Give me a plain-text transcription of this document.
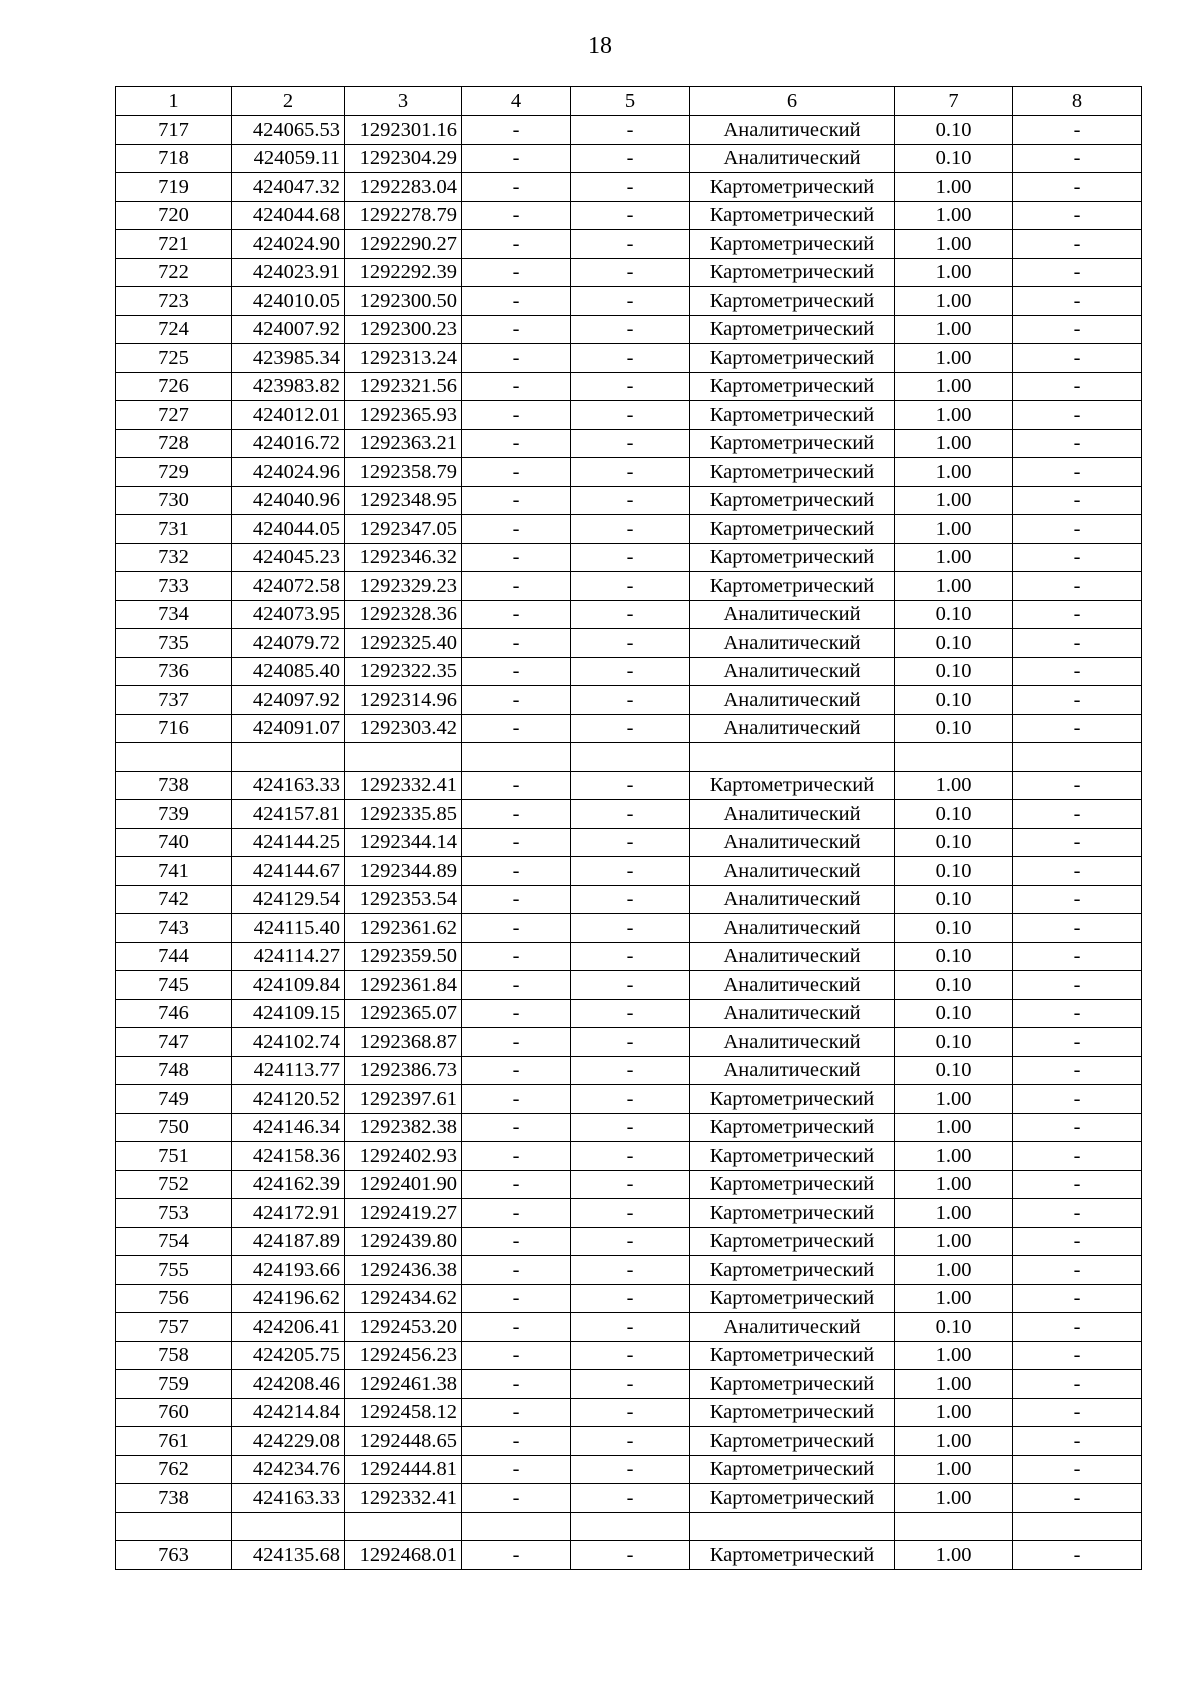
18
1	2	3	4	5	6	7	8
717	424065.53	1292301.16	-	-	Аналитический	0.10	-
718	424059.11	1292304.29	-	-	Аналитический	0.10	-
719	424047.32	1292283.04	-	-	Картометрический	1.00	-
720	424044.68	1292278.79	-	-	Картометрический	1.00	-
721	424024.90	1292290.27	-	-	Картометрический	1.00	-
722	424023.91	1292292.39	-	-	Картометрический	1.00	-
723	424010.05	1292300.50	-	-	Картометрический	1.00	-
724	424007.92	1292300.23	-	-	Картометрический	1.00	-
725	423985.34	1292313.24	-	-	Картометрический	1.00	-
726	423983.82	1292321.56	-	-	Картометрический	1.00	-
727	424012.01	1292365.93	-	-	Картометрический	1.00	-
728	424016.72	1292363.21	-	-	Картометрический	1.00	-
729	424024.96	1292358.79	-	-	Картометрический	1.00	-
730	424040.96	1292348.95	-	-	Картометрический	1.00	-
731	424044.05	1292347.05	-	-	Картометрический	1.00	-
732	424045.23	1292346.32	-	-	Картометрический	1.00	-
733	424072.58	1292329.23	-	-	Картометрический	1.00	-
734	424073.95	1292328.36	-	-	Аналитический	0.10	-
735	424079.72	1292325.40	-	-	Аналитический	0.10	-
736	424085.40	1292322.35	-	-	Аналитический	0.10	-
737	424097.92	1292314.96	-	-	Аналитический	0.10	-
716	424091.07	1292303.42	-	-	Аналитический	0.10	-

738	424163.33	1292332.41	-	-	Картометрический	1.00	-
739	424157.81	1292335.85	-	-	Аналитический	0.10	-
740	424144.25	1292344.14	-	-	Аналитический	0.10	-
741	424144.67	1292344.89	-	-	Аналитический	0.10	-
742	424129.54	1292353.54	-	-	Аналитический	0.10	-
743	424115.40	1292361.62	-	-	Аналитический	0.10	-
744	424114.27	1292359.50	-	-	Аналитический	0.10	-
745	424109.84	1292361.84	-	-	Аналитический	0.10	-
746	424109.15	1292365.07	-	-	Аналитический	0.10	-
747	424102.74	1292368.87	-	-	Аналитический	0.10	-
748	424113.77	1292386.73	-	-	Аналитический	0.10	-
749	424120.52	1292397.61	-	-	Картометрический	1.00	-
750	424146.34	1292382.38	-	-	Картометрический	1.00	-
751	424158.36	1292402.93	-	-	Картометрический	1.00	-
752	424162.39	1292401.90	-	-	Картометрический	1.00	-
753	424172.91	1292419.27	-	-	Картометрический	1.00	-
754	424187.89	1292439.80	-	-	Картометрический	1.00	-
755	424193.66	1292436.38	-	-	Картометрический	1.00	-
756	424196.62	1292434.62	-	-	Картометрический	1.00	-
757	424206.41	1292453.20	-	-	Аналитический	0.10	-
758	424205.75	1292456.23	-	-	Картометрический	1.00	-
759	424208.46	1292461.38	-	-	Картометрический	1.00	-
760	424214.84	1292458.12	-	-	Картометрический	1.00	-
761	424229.08	1292448.65	-	-	Картометрический	1.00	-
762	424234.76	1292444.81	-	-	Картометрический	1.00	-
738	424163.33	1292332.41	-	-	Картометрический	1.00	-

763	424135.68	1292468.01	-	-	Картометрический	1.00	-
